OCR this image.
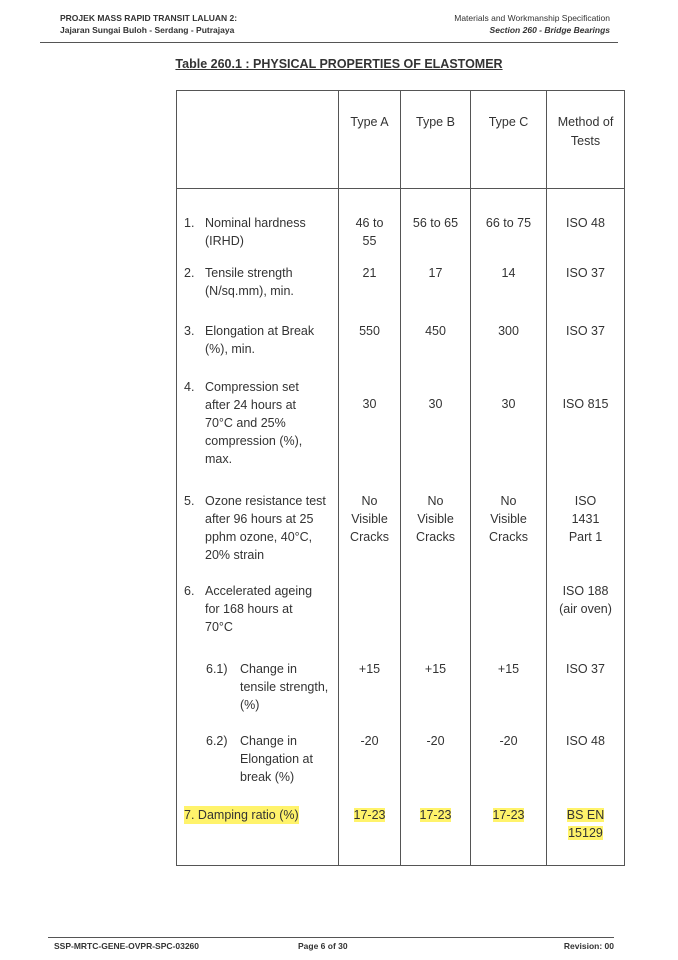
PROJEK MASS RAPID TRANSIT LALUAN 2:
Jajaran Sungai Buloh - Serdang - Putrajaya
Materials and Workmanship Specification
Section 260 - Bridge Bearings
Table 260.1 : PHYSICAL PROPERTIES OF ELASTOMER
	Type A	Type B	Type C	Method of Tests

1. Nominal hardness (IRHD)	46 to 55	56 to 65	66 to 75	ISO 48

2. Tensile strength (N/sq.mm), min.	21	17	14	ISO 37

3. Elongation at Break (%), min.	550	450	300	ISO 37

4. Compression set after 24 hours at 70°C and 25% compression (%), max.	30	30	30	ISO 815

5. Ozone resistance test after 96 hours at 25 pphm ozone, 40°C, 20% strain	No Visible Cracks	No Visible Cracks	No Visible Cracks	ISO 1431 Part 1

6. Accelerated ageing for 168 hours at 70°C				ISO 188 (air oven)

6.1) Change in tensile strength, (%)	+15	+15	+15	ISO 37

6.2) Change in Elongation at break (%)	-20	-20	-20	ISO 48

7. Damping ratio (%)	17-23	17-23	17-23	BS EN 15129
SSP-MRTC-GENE-OVPR-SPC-03260	Page 6 of 30	Revision: 00
